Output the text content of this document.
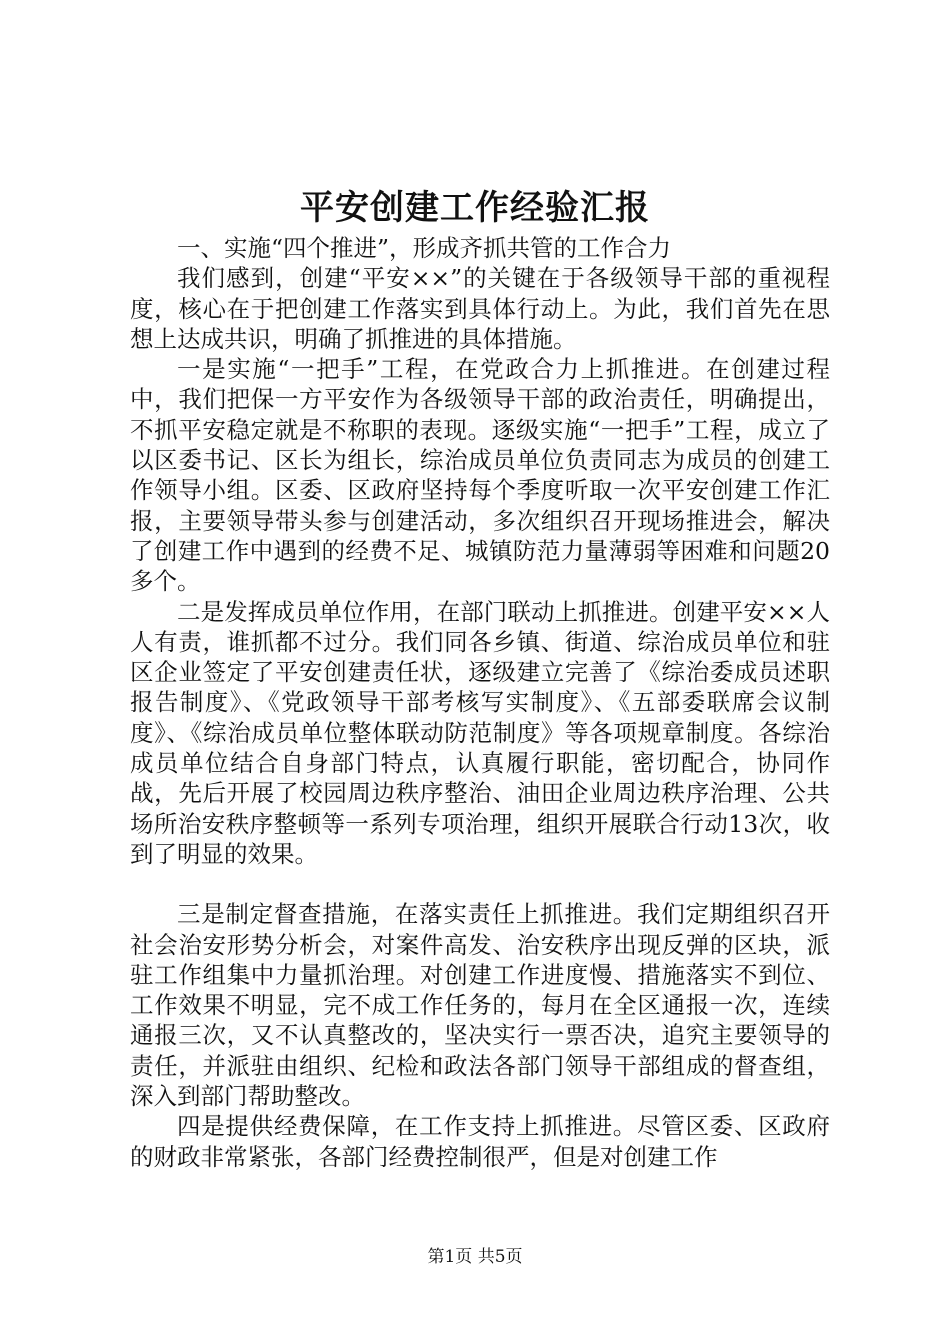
平安创建工作经验汇报

一、实施“四个推进”，形成齐抓共管的工作合力

我们感到，创建“平安××”的关键在于各级领导干部的重视程度，核心在于把创建工作落实到具体行动上。为此，我们首先在思想上达成共识，明确了抓推进的具体措施。

一是实施“一把手”工程，在党政合力上抓推进。在创建过程中，我们把保一方平安作为各级领导干部的政治责任，明确提出，不抓平安稳定就是不称职的表现。逐级实施“一把手”工程，成立了以区委书记、区长为组长，综治成员单位负责同志为成员的创建工作领导小组。区委、区政府坚持每个季度听取一次平安创建工作汇报，主要领导带头参与创建活动，多次组织召开现场推进会，解决了创建工作中遇到的经费不足、城镇防范力量薄弱等困难和问题20多个。

二是发挥成员单位作用，在部门联动上抓推进。创建平安××人人有责，谁抓都不过分。我们同各乡镇、街道、综治成员单位和驻区企业签定了平安创建责任状，逐级建立完善了《综治委成员述职报告制度》、《党政领导干部考核写实制度》、《五部委联席会议制度》、《综治成员单位整体联动防范制度》等各项规章制度。各综治成员单位结合自身部门特点，认真履行职能，密切配合，协同作战，先后开展了校园周边秩序整治、油田企业周边秩序治理、公共场所治安秩序整顿等一系列专项治理，组织开展联合行动13次，收到了明显的效果。

三是制定督查措施，在落实责任上抓推进。我们定期组织召开社会治安形势分析会，对案件高发、治安秩序出现反弹的区块，派驻工作组集中力量抓治理。对创建工作进度慢、措施落实不到位、工作效果不明显，完不成工作任务的，每月在全区通报一次，连续通报三次，又不认真整改的，坚决实行一票否决，追究主要领导的责任，并派驻由组织、纪检和政法各部门领导干部组成的督查组，深入到部门帮助整改。

四是提供经费保障，在工作支持上抓推进。尽管区委、区政府的财政非常紧张，各部门经费控制很严，但是对创建工作

第1页 共5页
